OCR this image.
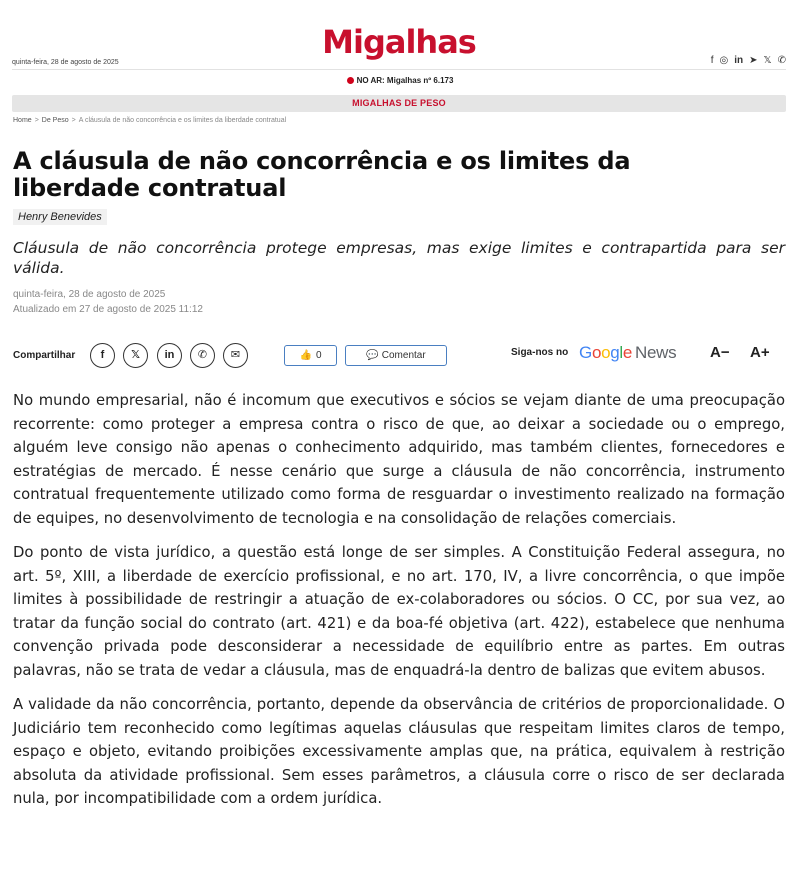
quinta-feira, 28 de agosto de 2025
Migalhas	f ◎ in ➤ 𝕏 ✆
NO AR: Migalhas nº 6.173
MIGALHAS DE PESO
Home > De Peso > A cláusula de não concorrência e os limites da liberdade contratual
A cláusula de não concorrência e os limites da liberdade contratual
Henry Benevides
Cláusula de não concorrência protege empresas, mas exige limites e contrapartida para ser válida.
quinta-feira, 28 de agosto de 2025
Atualizado em 27 de agosto de 2025 11:12
Compartilhar	f	𝕏	in	✆	✉	👍 0	💬 Comentar	Siga-nos no Google News A− A+

No mundo empresarial, não é incomum que executivos e sócios se vejam diante de uma preocupação recorrente: como proteger a empresa contra o risco de que, ao deixar a sociedade ou o emprego, alguém leve consigo não apenas o conhecimento adquirido, mas também clientes, fornecedores e estratégias de mercado. É nesse cenário que surge a cláusula de não concorrência, instrumento contratual frequentemente utilizado como forma de resguardar o investimento realizado na formação de equipes, no desenvolvimento de tecnologia e na consolidação de relações comerciais.

Do ponto de vista jurídico, a questão está longe de ser simples. A Constituição Federal assegura, no art. 5º, XIII, a liberdade de exercício profissional, e no art. 170, IV, a livre concorrência, o que impõe limites à possibilidade de restringir a atuação de ex-colaboradores ou sócios. O CC, por sua vez, ao tratar da função social do contrato (art. 421) e da boa-fé objetiva (art. 422), estabelece que nenhuma convenção privada pode desconsiderar a necessidade de equilíbrio entre as partes. Em outras palavras, não se trata de vedar a cláusula, mas de enquadrá-la dentro de balizas que evitem abusos.

A validade da não concorrência, portanto, depende da observância de critérios de proporcionalidade. O Judiciário tem reconhecido como legítimas aquelas cláusulas que respeitam limites claros de tempo, espaço e objeto, evitando proibições excessivamente amplas que, na prática, equivalem à restrição absoluta da atividade profissional. Sem esses parâmetros, a cláusula corre o risco de ser declarada nula, por incompatibilidade com a ordem jurídica.
